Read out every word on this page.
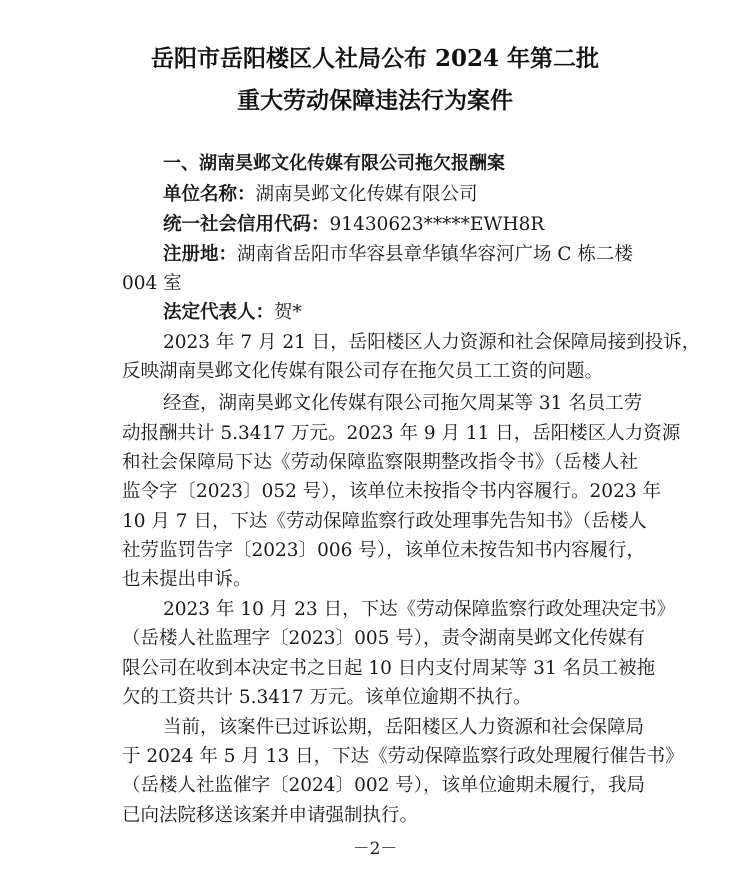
岳阳市岳阳楼区人社局公布 2024 年第二批
重大劳动保障违法行为案件
一、湖南昊邺文化传媒有限公司拖欠报酬案
单位名称：湖南昊邺文化传媒有限公司
统一社会信用代码：91430623*****EWH8R
注册地：湖南省岳阳市华容县章华镇华容河广场 C 栋二楼
004 室
法定代表人：贺*
2023 年 7 月 21 日，岳阳楼区人力资源和社会保障局接到投诉，
反映湖南昊邺文化传媒有限公司存在拖欠员工工资的问题。
经查，湖南昊邺文化传媒有限公司拖欠周某等 31 名员工劳
动报酬共计 5.3417 万元。2023 年 9 月 11 日，岳阳楼区人力资源
和社会保障局下达《劳动保障监察限期整改指令书》（岳楼人社
监令字〔2023〕052 号），该单位未按指令书内容履行。2023 年
10 月 7 日，下达《劳动保障监察行政处理事先告知书》（岳楼人
社劳监罚告字〔2023〕006 号），该单位未按告知书内容履行，
也未提出申诉。
2023 年 10 月 23 日，下达《劳动保障监察行政处理决定书》
（岳楼人社监理字〔2023〕005 号），责令湖南昊邺文化传媒有
限公司在收到本决定书之日起 10 日内支付周某等 31 名员工被拖
欠的工资共计 5.3417 万元。该单位逾期不执行。
当前，该案件已过诉讼期，岳阳楼区人力资源和社会保障局
于 2024 年 5 月 13 日，下达《劳动保障监察行政处理履行催告书》
（岳楼人社监催字〔2024〕002 号），该单位逾期未履行，我局
已向法院移送该案并申请强制执行。
－2－
